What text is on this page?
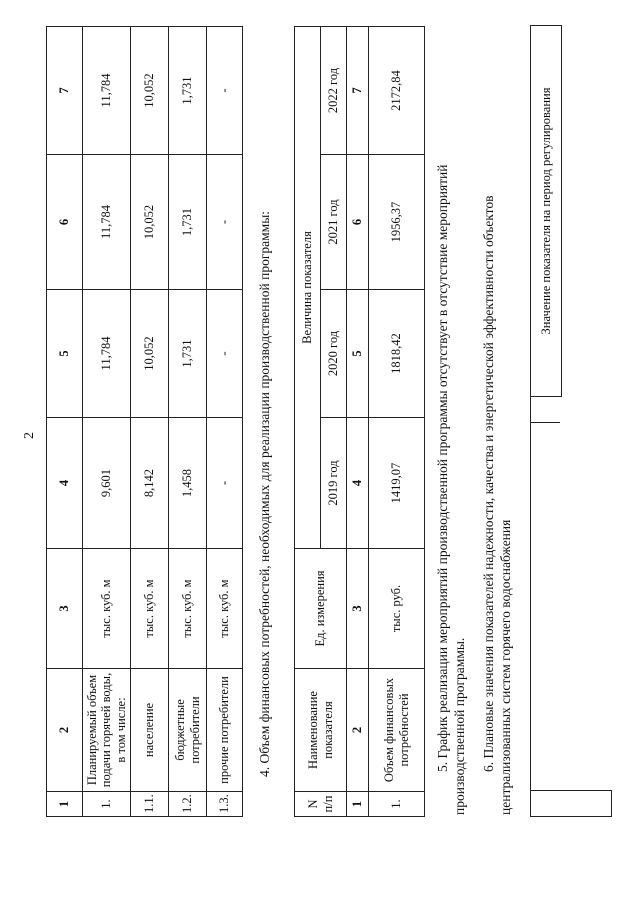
2
1	2	3	4	5	6	7
1.	Планируемый объем подачи горячей воды, в том числе:	тыс. куб. м	9,601	11,784	11,784	11,784
1.1.	население	тыс. куб. м	8,142	10,052	10,052	10,052
1.2.	бюджетные потребители	тыс. куб. м	1,458	1,731	1,731	1,731
1.3.	прочие потребители	тыс. куб. м	-	-	-	-
4. Объем финансовых потребностей, необходимых для реализации производственной программы:
N п/п	Наименование показателя	Ед. измерения	Величина показателя			
			2019 год	2020 год	2021 год	2022 год
1	2	3	4	5	6	7
1.	Объем финансовых потребностей	тыс. руб.	1419,07	1818,42	1956,37	2172,84
5. График реализации мероприятий производственной программы отсутствует в отсутствие мероприятий производственной программы. 6. Плановые значения показателей надежности, качества и энергетической эффективности объектов централизованных систем горячего водоснабжения
Значение показателя на период регулирования
